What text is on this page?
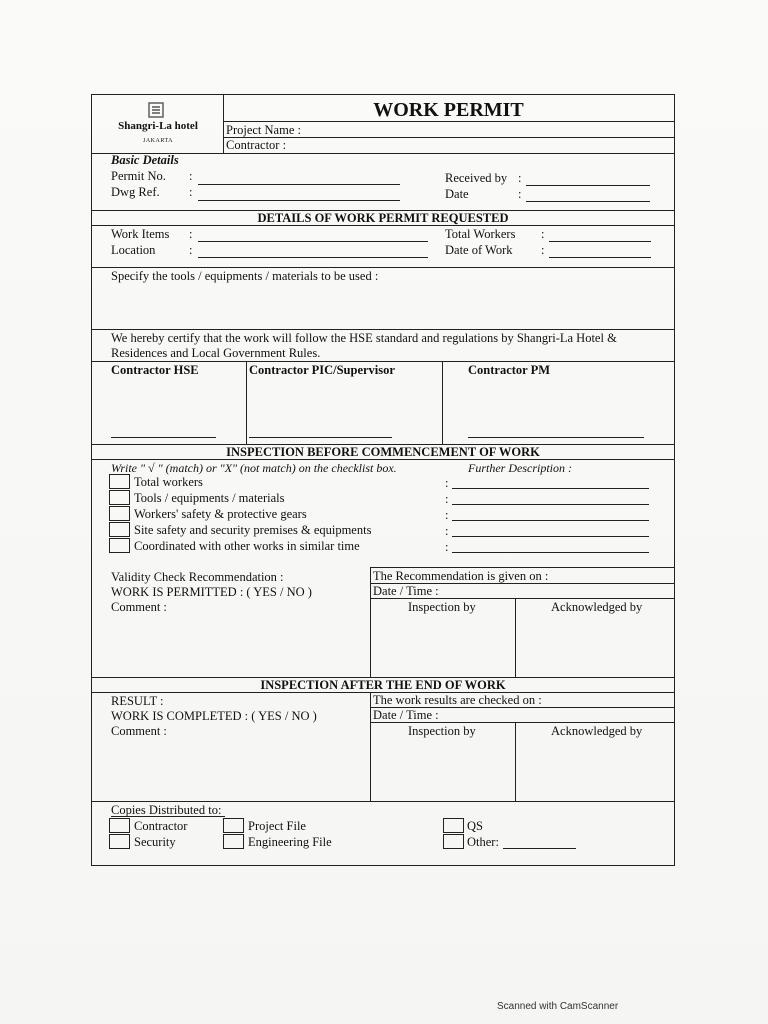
Shangri-La hotel
JAKARTA
WORK PERMIT
Project Name :
Contractor :
Basic Details
Permit No. :
Dwg Ref. :
Received by :
Date	:
DETAILS OF WORK PERMIT REQUESTED
Work Items :
Location	:
Total Workers :
Date of Work :
Specify the tools / equipments / materials to be used :
We hereby certify that the work will follow the HSE standard and regulations by Shangri-La Hotel &
Residences and Local Government Rules.
Contractor HSE	Contractor PIC/Supervisor	Contractor PM
INSPECTION BEFORE COMMENCEMENT OF WORK
Write " √ " (match) or "X" (not match) on the checklist box.	Further Description :
Total workers	:
Tools / equipments / materials	:
Workers' safety & protective gears	:
Site safety and security premises & equipments	:
Coordinated with other works in similar time	:
Validity Check Recommendation :
WORK IS PERMITTED : ( YES / NO )
Comment :
The Recommendation is given on :
Date / Time :
Inspection by	Acknowledged by
INSPECTION AFTER THE END OF WORK
RESULT :
WORK IS COMPLETED : ( YES / NO )
Comment :
The work results are checked on :
Date / Time :
Inspection by	Acknowledged by
Copies Distributed to:
Contractor
Security
Project File
Engineering File
QS
Other:
Scanned with CamScanner
